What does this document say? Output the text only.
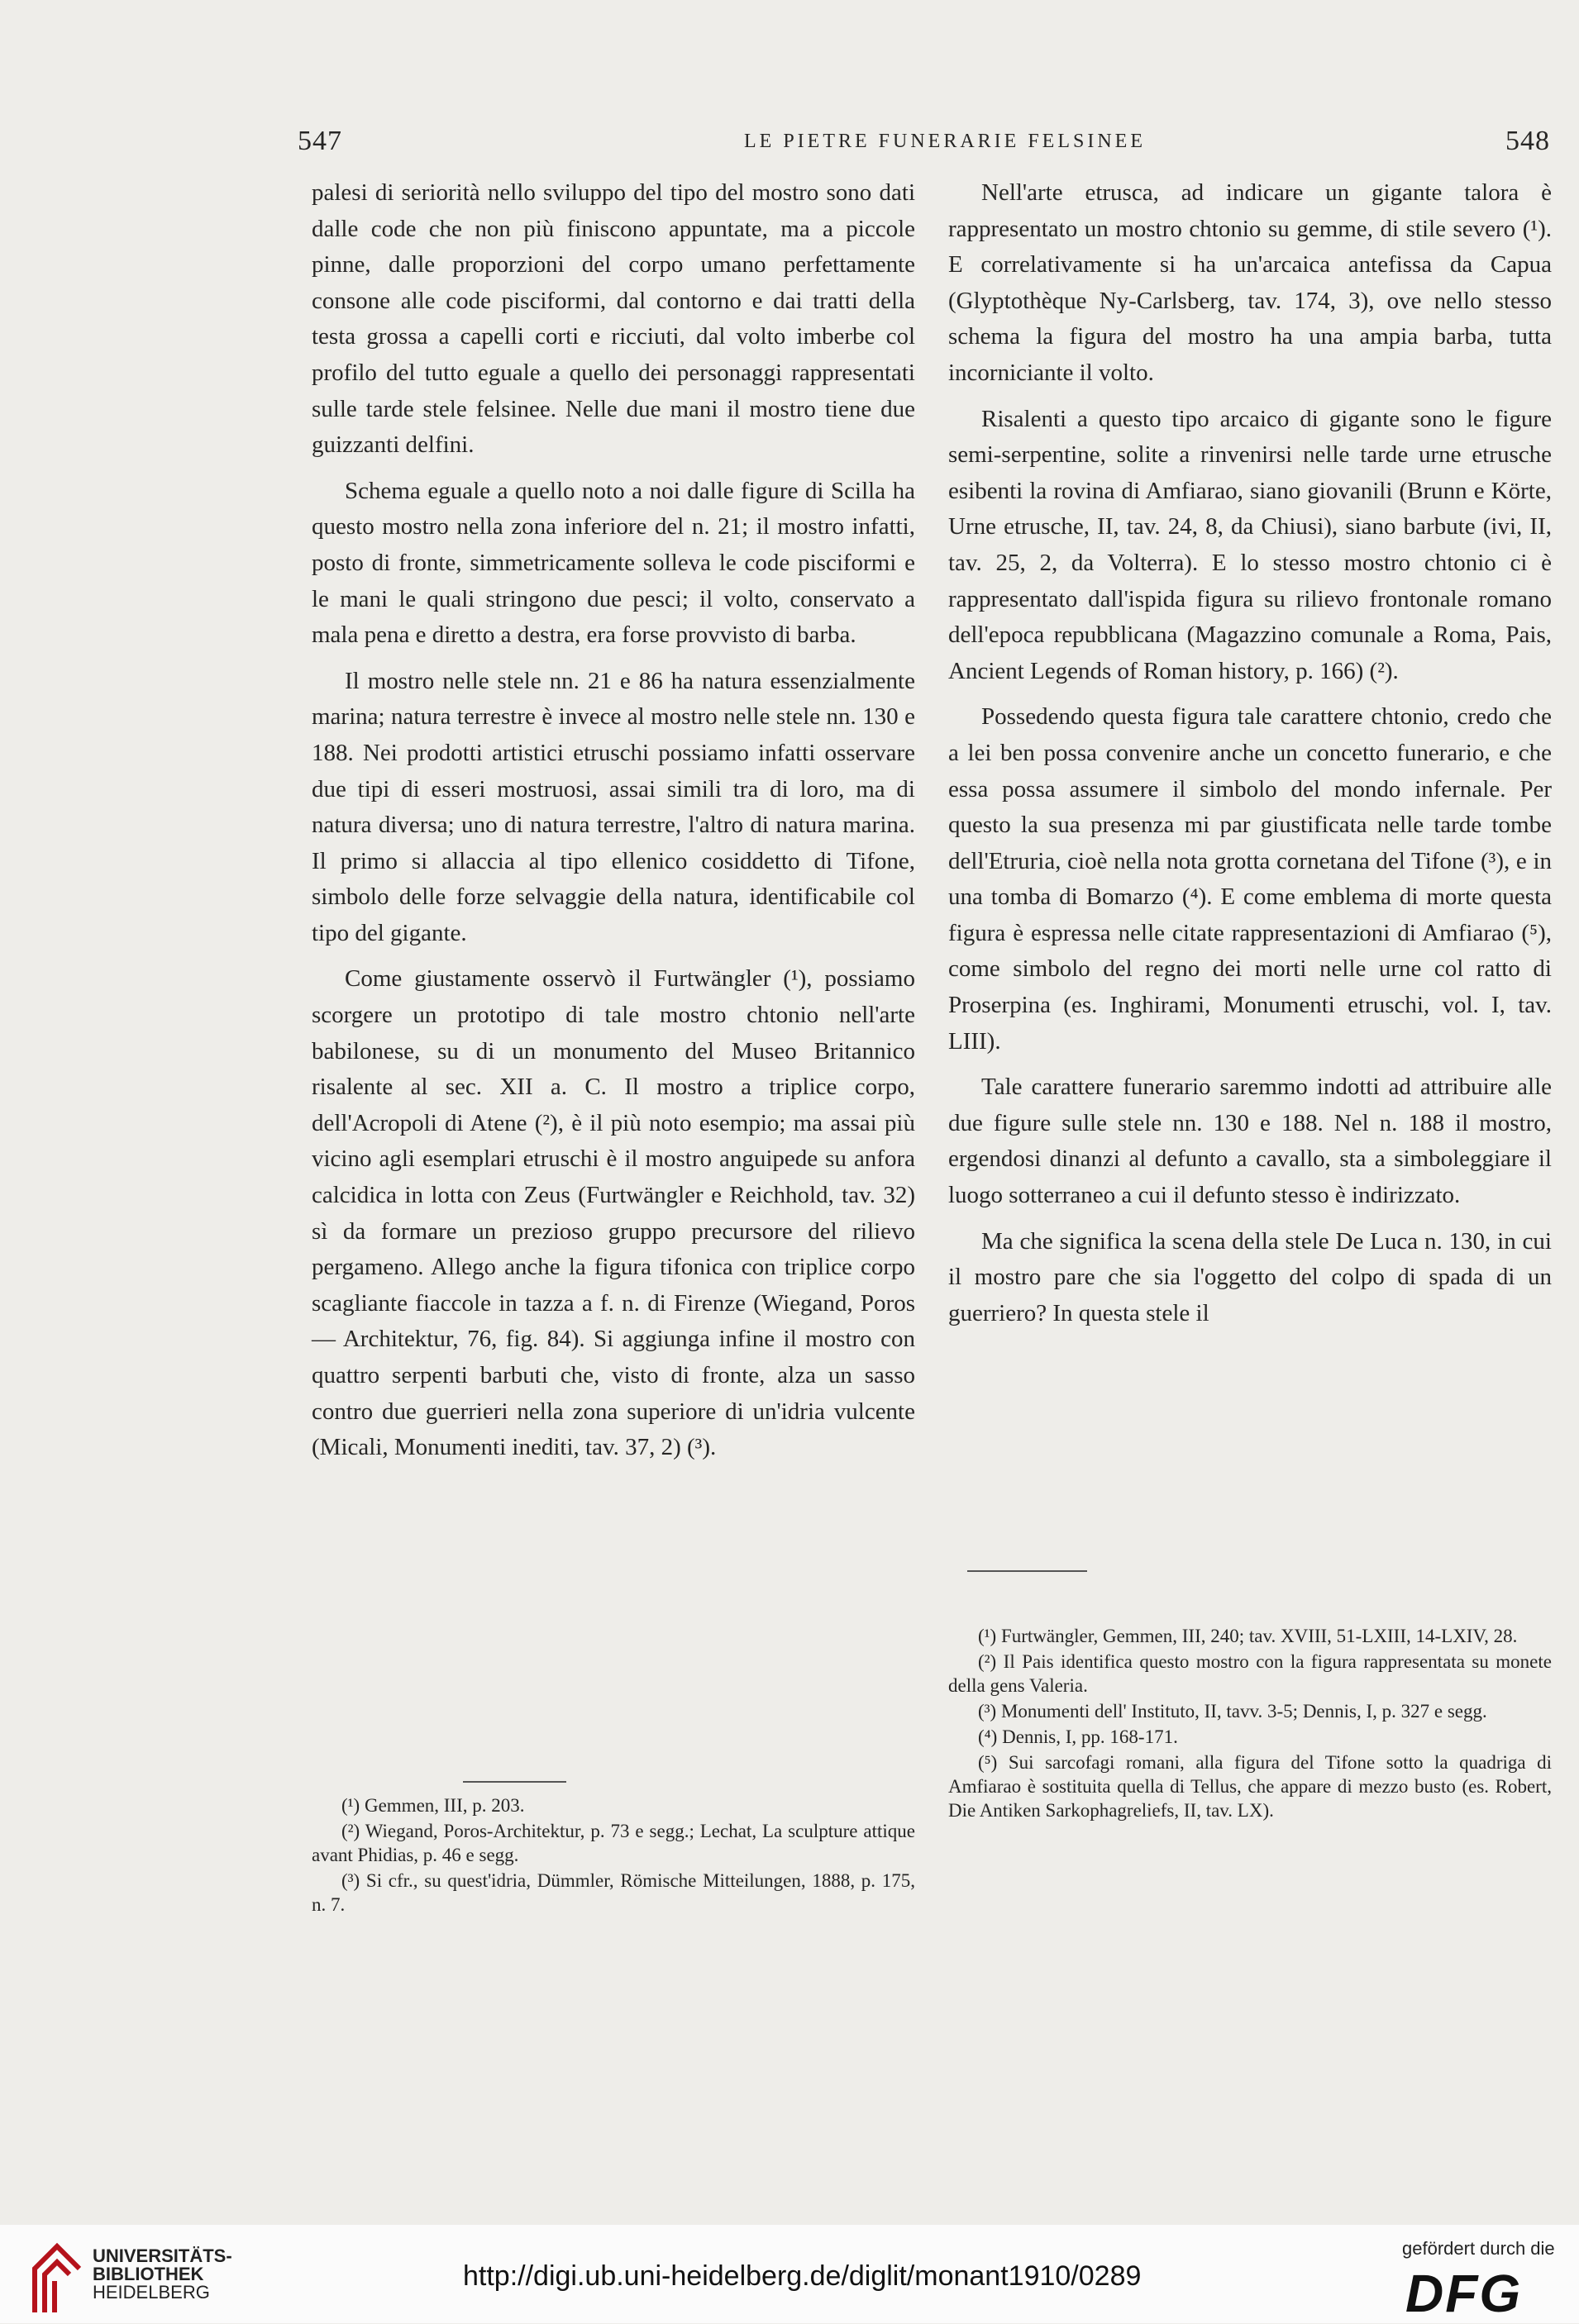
547	LE PIETRE FUNERARIE FELSINEE	548

palesi di seriorità nello sviluppo del tipo del mostro sono dati dalle code che non più finiscono appuntate, ma a piccole pinne, dalle proporzioni del corpo umano perfettamente consone alle code pisciformi, dal contorno e dai tratti della testa grossa a capelli corti e ricciuti, dal volto imberbe col profilo del tutto eguale a quello dei personaggi rappresentati sulle tarde stele felsinee. Nelle due mani il mostro tiene due guizzanti delfini.

Schema eguale a quello noto a noi dalle figure di Scilla ha questo mostro nella zona inferiore del n. 21; il mostro infatti, posto di fronte, simmetricamente solleva le code pisciformi e le mani le quali stringono due pesci; il volto, conservato a mala pena e diretto a destra, era forse provvisto di barba.

Il mostro nelle stele nn. 21 e 86 ha natura essenzialmente marina; natura terrestre è invece al mostro nelle stele nn. 130 e 188. Nei prodotti artistici etruschi possiamo infatti osservare due tipi di esseri mostruosi, assai simili tra di loro, ma di natura diversa; uno di natura terrestre, l'altro di natura marina. Il primo si allaccia al tipo ellenico cosiddetto di Tifone, simbolo delle forze selvaggie della natura, identificabile col tipo del gigante.

Come giustamente osservò il Furtwängler (¹), possiamo scorgere un prototipo di tale mostro chtonio nell'arte babilonese, su di un monumento del Museo Britannico risalente al sec. XII a. C. Il mostro a triplice corpo, dell'Acropoli di Atene (²), è il più noto esempio; ma assai più vicino agli esemplari etruschi è il mostro anguipede su anfora calcidica in lotta con Zeus (Furtwängler e Reichhold, tav. 32) sì da formare un prezioso gruppo precursore del rilievo pergameno. Allego anche la figura tifonica con triplice corpo scagliante fiaccole in tazza a f. n. di Firenze (Wiegand, Poros — Architektur, 76, fig. 84). Si aggiunga infine il mostro con quattro serpenti barbuti che, visto di fronte, alza un sasso contro due guerrieri nella zona superiore di un'idria vulcente (Micali, Monumenti inediti, tav. 37, 2) (³).

(¹) Gemmen, III, p. 203.

(²) Wiegand, Poros-Architektur, p. 73 e segg.; Lechat, La sculpture attique avant Phidias, p. 46 e segg.

(³) Si cfr., su quest'idria, Dümmler, Römische Mitteilungen, 1888, p. 175, n. 7.

Nell'arte etrusca, ad indicare un gigante talora è rappresentato un mostro chtonio su gemme, di stile severo (¹). E correlativamente si ha un'arcaica antefissa da Capua (Glyptothèque Ny-Carlsberg, tav. 174, 3), ove nello stesso schema la figura del mostro ha una ampia barba, tutta incorniciante il volto.

Risalenti a questo tipo arcaico di gigante sono le figure semi-serpentine, solite a rinvenirsi nelle tarde urne etrusche esibenti la rovina di Amfiarao, siano giovanili (Brunn e Körte, Urne etrusche, II, tav. 24, 8, da Chiusi), siano barbute (ivi, II, tav. 25, 2, da Volterra). E lo stesso mostro chtonio ci è rappresentato dall'ispida figura su rilievo frontonale romano dell'epoca repubblicana (Magazzino comunale a Roma, Pais, Ancient Legends of Roman history, p. 166) (²).

Possedendo questa figura tale carattere chtonio, credo che a lei ben possa convenire anche un concetto funerario, e che essa possa assumere il simbolo del mondo infernale. Per questo la sua presenza mi par giustificata nelle tarde tombe dell'Etruria, cioè nella nota grotta cornetana del Tifone (³), e in una tomba di Bomarzo (⁴). E come emblema di morte questa figura è espressa nelle citate rappresentazioni di Amfiarao (⁵), come simbolo del regno dei morti nelle urne col ratto di Proserpina (es. Inghirami, Monumenti etruschi, vol. I, tav. LIII).

Tale carattere funerario saremmo indotti ad attribuire alle due figure sulle stele nn. 130 e 188. Nel n. 188 il mostro, ergendosi dinanzi al defunto a cavallo, sta a simboleggiare il luogo sotterraneo a cui il defunto stesso è indirizzato.

Ma che significa la scena della stele De Luca n. 130, in cui il mostro pare che sia l'oggetto del colpo di spada di un guerriero? In questa stele il

(¹) Furtwängler, Gemmen, III, 240; tav. XVIII, 51-LXIII, 14-LXIV, 28.

(²) Il Pais identifica questo mostro con la figura rappresentata su monete della gens Valeria.

(³) Monumenti dell' Instituto, II, tavv. 3-5; Dennis, I, p. 327 e segg.

(⁴) Dennis, I, pp. 168-171.

(⁵) Sui sarcofagi romani, alla figura del Tifone sotto la quadriga di Amfiarao è sostituita quella di Tellus, che appare di mezzo busto (es. Robert, Die Antiken Sarkophagreliefs, II, tav. LX).

UNIVERSITÄTS-
BIBLIOTHEK
HEIDELBERG
http://digi.ub.uni-heidelberg.de/diglit/monant1910/0289
gefördert durch die
DFG
